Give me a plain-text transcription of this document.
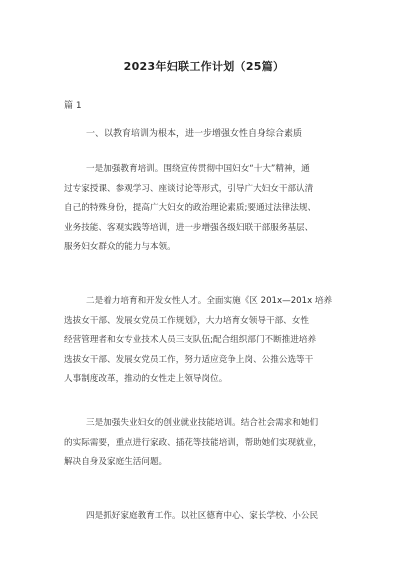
2023年妇联工作计划（25篇）
篇 1
一、以教育培训为根本，进一步增强女性自身综合素质
一是加强教育培训。围绕宣传贯彻中国妇女“十大”精神，通
过专家授课、参观学习、座谈讨论等形式，引导广大妇女干部认清
自己的特殊身份，提高广大妇女的政治理论素质;要通过法律法规、
业务技能、客观实践等培训，进一步增强各级妇联干部服务基层、
服务妇女群众的能力与本领。
二是着力培育和开发女性人才。全面实施《区 201x—201x 培养
选拔女干部、发展女党员工作规划》，大力培育女领导干部、女性
经营管理者和女专业技术人员三支队伍;配合组织部门不断推进培养
选拔女干部、发展女党员工作，努力适应竞争上岗、公推公选等干
人事制度改革，推动的女性走上领导岗位。
三是加强失业妇女的创业就业技能培训。结合社会需求和她们
的实际需要，重点进行家政、插花等技能培训，帮助她们实现就业，
解决自身及家庭生活问题。
四是抓好家庭教育工作。以社区德育中心、家长学校、小公民
